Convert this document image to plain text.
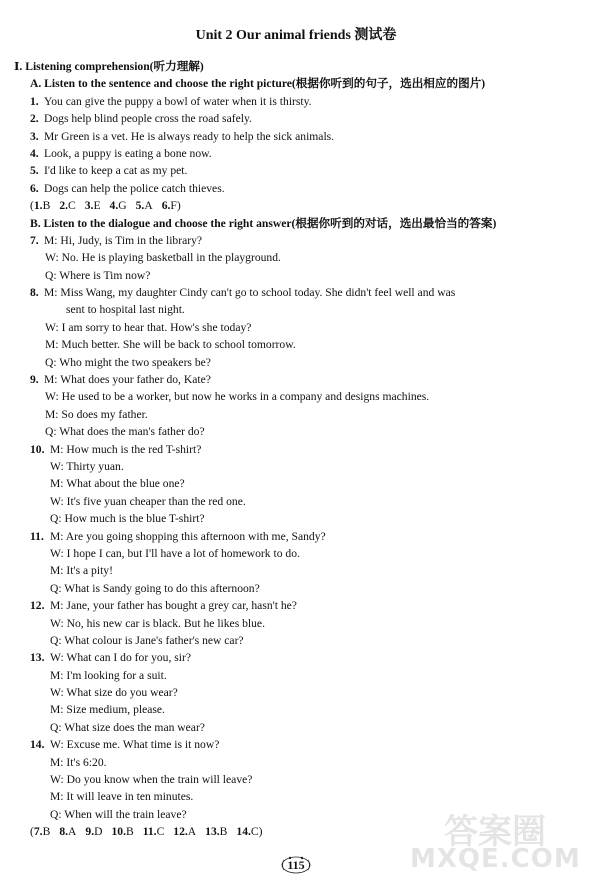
Unit 2 Our animal friends 测试卷
Ⅰ. Listening comprehension(听力理解)
A. Listen to the sentence and choose the right picture(根据你听到的句子，选出相应的图片)
1. You can give the puppy a bowl of water when it is thirsty.
2. Dogs help blind people cross the road safely.
3. Mr Green is a vet. He is always ready to help the sick animals.
4. Look, a puppy is eating a bone now.
5. I'd like to keep a cat as my pet.
6. Dogs can help the police catch thieves.
(1.B 2.C 3.E 4.G 5.A 6.F)
B. Listen to the dialogue and choose the right answer(根据你听到的对话，选出最恰当的答案)
7. M: Hi, Judy, is Tim in the library?
W: No. He is playing basketball in the playground.
Q: Where is Tim now?
8. M: Miss Wang, my daughter Cindy can't go to school today. She didn't feel well and was
sent to hospital last night.
W: I am sorry to hear that. How's she today?
M: Much better. She will be back to school tomorrow.
Q: Who might the two speakers be?
9. M: What does your father do, Kate?
W: He used to be a worker, but now he works in a company and designs machines.
M: So does my father.
Q: What does the man's father do?
10. M: How much is the red T-shirt?
W: Thirty yuan.
M: What about the blue one?
W: It's five yuan cheaper than the red one.
Q: How much is the blue T-shirt?
11. M: Are you going shopping this afternoon with me, Sandy?
W: I hope I can, but I'll have a lot of homework to do.
M: It's a pity!
Q: What is Sandy going to do this afternoon?
12. M: Jane, your father has bought a grey car, hasn't he?
W: No, his new car is black. But he likes blue.
Q: What colour is Jane's father's new car?
13. W: What can I do for you, sir?
M: I'm looking for a suit.
W: What size do you wear?
M: Size medium, please.
Q: What size does the man wear?
14. W: Excuse me. What time is it now?
M: It's 6:20.
W: Do you know when the train will leave?
M: It will leave in ten minutes.
Q: When will the train leave?
(7.B 8.A 9.D 10.B 11.C 12.A 13.B 14.C)
115
答案圈
MXQE.COM
